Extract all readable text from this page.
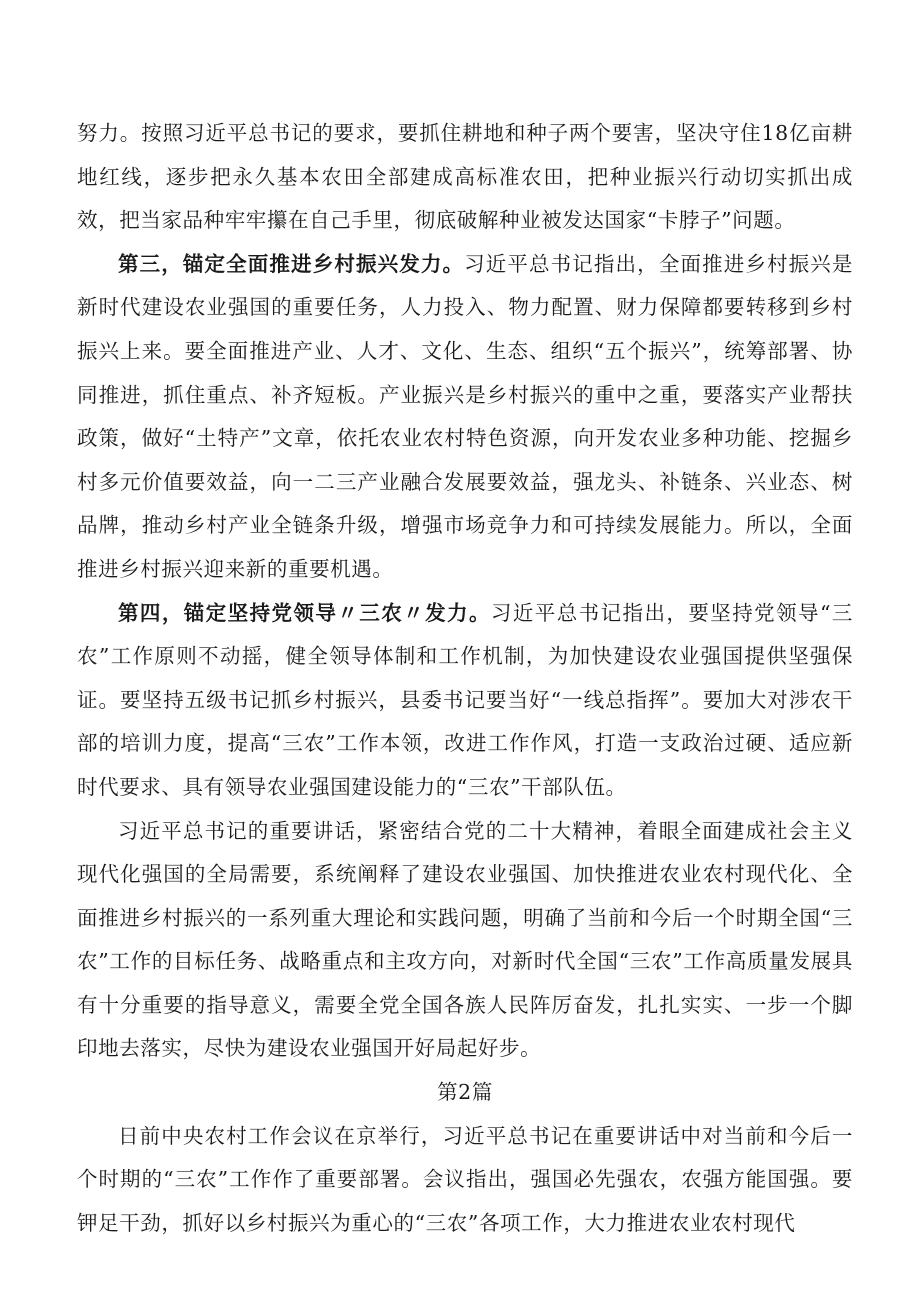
努力。按照习近平总书记的要求，要抓住耕地和种子两个要害，坚决守住18亿亩耕地红线，逐步把永久基本农田全部建成高标准农田，把种业振兴行动切实抓出成效，把当家品种牢牢攥在自己手里，彻底破解种业被发达国家“卡脖子”问题。

第三，锚定全面推进乡村振兴发力。习近平总书记指出，全面推进乡村振兴是新时代建设农业强国的重要任务，人力投入、物力配置、财力保障都要转移到乡村振兴上来。要全面推进产业、人才、文化、生态、组织“五个振兴”，统筹部署、协同推进，抓住重点、补齐短板。产业振兴是乡村振兴的重中之重，要落实产业帮扶政策，做好“土特产”文章，依托农业农村特色资源，向开发农业多种功能、挖掘乡村多元价值要效益，向一二三产业融合发展要效益，强龙头、补链条、兴业态、树品牌，推动乡村产业全链条升级，增强市场竞争力和可持续发展能力。所以，全面推进乡村振兴迎来新的重要机遇。

第四，锚定坚持党领导〃三农〃发力。习近平总书记指出，要坚持党领导“三农”工作原则不动摇，健全领导体制和工作机制，为加快建设农业强国提供坚强保证。要坚持五级书记抓乡村振兴，县委书记要当好“一线总指挥”。要加大对涉农干部的培训力度，提高“三农”工作本领，改进工作作风，打造一支政治过硬、适应新时代要求、具有领导农业强国建设能力的“三农”干部队伍。

习近平总书记的重要讲话，紧密结合党的二十大精神，着眼全面建成社会主义现代化强国的全局需要，系统阐释了建设农业强国、加快推进农业农村现代化、全面推进乡村振兴的一系列重大理论和实践问题，明确了当前和今后一个时期全国“三农”工作的目标任务、战略重点和主攻方向，对新时代全国“三农”工作高质量发展具有十分重要的指导意义，需要全党全国各族人民阵厉奋发，扎扎实实、一步一个脚印地去落实，尽快为建设农业强国开好局起好步。

第2篇

日前中央农村工作会议在京举行，习近平总书记在重要讲话中对当前和今后一个时期的“三农”工作作了重要部署。会议指出，强国必先强农，农强方能国强。要钾足干劲，抓好以乡村振兴为重心的“三农”各项工作，大力推进农业农村现代
